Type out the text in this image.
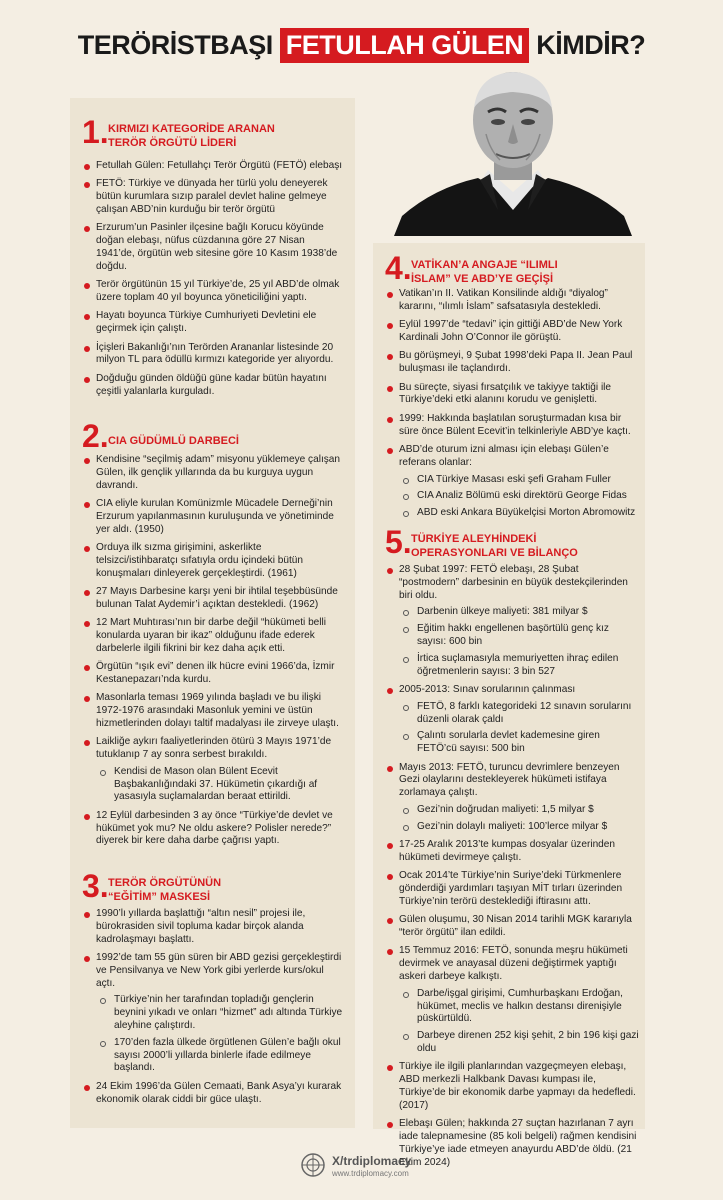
TERÖRİSTBAŞI FETULLAH GÜLEN KİMDİR?
1. KIRMIZI KATEGORİDE ARANAN
TERÖR ÖRGÜTÜ LİDERİ
Fetullah Gülen: Fetullahçı Terör Örgütü (FETÖ) elebaşı
FETÖ: Türkiye ve dünyada her türlü yolu deneyerek bütün kurumlara sızıp paralel devlet haline gelmeye çalışan ABD’nin kurduğu bir terör örgütü
Erzurum’un Pasinler ilçesine bağlı Korucu köyünde doğan elebaşı, nüfus cüzdanına göre 27 Nisan 1941’de, örgütün web sitesine göre 10 Kasım 1938’de doğdu.
Terör örgütünün 15 yıl Türkiye’de, 25 yıl ABD’de olmak üzere toplam 40 yıl boyunca yöneticiliğini yaptı.
Hayatı boyunca Türkiye Cumhuriyeti Devletini ele geçirmek için çalıştı.
İçişleri Bakanlığı’nın Terörden Arananlar listesinde 20 milyon TL para ödüllü kırmızı kategoride yer alıyordu.
Doğduğu günden öldüğü güne kadar bütün hayatını çeşitli yalanlarla kurguladı.
2. CIA GÜDÜMLÜ DARBECİ
Kendisine “seçilmiş adam” misyonu yüklemeye çalışan Gülen, ilk gençlik yıllarında da bu kurguya uygun davrandı.
CIA eliyle kurulan Komünizmle Mücadele Derneği’nin Erzurum yapılanmasının kuruluşunda ve yönetiminde yer aldı. (1950)
Orduya ilk sızma girişimini, askerlikte telsizci/istihbaratçı sıfatıyla ordu içindeki bütün konuşmaları dinleyerek gerçekleştirdi. (1961)
27 Mayıs Darbesine karşı yeni bir ihtilal teşebbüsünde bulunan Talat Aydemir’i açıktan destekledi. (1962)
12 Mart Muhtırası’nın bir darbe değil “hükümeti belli konularda uyaran bir ikaz” olduğunu ifade ederek darbelerle ilgili fikrini bir kez daha açık etti.
Örgütün “ışık evi” denen ilk hücre evini 1966’da, İzmir Kestanepazarı’nda kurdu.
Masonlarla teması 1969 yılında başladı ve bu ilişki 1972-1976 arasındaki Masonluk yemini ve üstün hizmetlerinden dolayı taltif madalyası ile zirveye ulaştı.
Laikliğe aykırı faaliyetlerinden ötürü 3 Mayıs 1971’de tutuklanıp 7 ay sonra serbest bırakıldı.
Kendisi de Mason olan Bülent Ecevit Başbakanlığındaki 37. Hükümetin çıkardığı af yasasıyla suçlamalardan beraat ettirildi.
12 Eylül darbesinden 3 ay önce “Türkiye’de devlet ve hükümet yok mu? Ne oldu askere? Polisler nerede?” diyerek bir kere daha darbe çağrısı yaptı.
3. TERÖR ÖRGÜTÜNÜN
“EĞİTİM” MASKESİ
1990’lı yıllarda başlattığı “altın nesil” projesi ile, bürokrasiden sivil topluma kadar birçok alanda kadrolaşmayı başlattı.
1992’de tam 55 gün süren bir ABD gezisi gerçekleştirdi ve Pensilvanya ve New York gibi yerlerde kurs/okul açtı.
Türkiye’nin her tarafından topladığı gençlerin beynini yıkadı ve onları “hizmet” adı altında Türkiye aleyhine çalıştırdı.
170’den fazla ülkede örgütlenen Gülen’e bağlı okul sayısı 2000’li yıllarda binlerle ifade edilmeye başlandı.
24 Ekim 1996’da Gülen Cemaati, Bank Asya’yı kurarak ekonomik olarak ciddi bir güce ulaştı.
4. VATİKAN’A ANGAJE “ILIMLI
İSLAM” VE ABD’YE GEÇİŞİ
Vatikan’ın II. Vatikan Konsilinde aldığı “diyalog” kararını, “ılımlı İslam” safsatasıyla destekledi.
Eylül 1997’de “tedavi” için gittiği ABD’de New York Kardinali John O’Connor ile görüştü.
Bu görüşmeyi, 9 Şubat 1998’deki Papa II. Jean Paul buluşması ile taçlandırdı.
Bu süreçte, siyasi fırsatçılık ve takiyye taktiği ile Türkiye’deki etki alanını korudu ve genişletti.
1999: Hakkında başlatılan soruşturmadan kısa bir süre önce Bülent Ecevit’in telkinleriyle ABD’ye kaçtı.
ABD’de oturum izni alması için elebaşı Gülen’e referans olanlar:
CIA Türkiye Masası eski şefi Graham Fuller
CIA Analiz Bölümü eski direktörü George Fidas
ABD eski Ankara Büyükelçisi Morton Abromowitz
5. TÜRKİYE ALEYHİNDEKİ
OPERASYONLARI VE BİLANÇO
28 Şubat 1997: FETÖ elebaşı, 28 Şubat “postmodern” darbesinin en büyük destekçilerinden biri oldu.
Darbenin ülkeye maliyeti: 381 milyar $
Eğitim hakkı engellenen başörtülü genç kız sayısı: 600 bin
İrtica suçlamasıyla memuriyetten ihraç edilen öğretmenlerin sayısı: 3 bin 527
2005-2013: Sınav sorularının çalınması
FETÖ, 8 farklı kategorideki 12 sınavın sorularını düzenli olarak çaldı
Çalıntı sorularla devlet kademesine giren FETÖ’cü sayısı: 500 bin
Mayıs 2013: FETÖ, turuncu devrimlere benzeyen Gezi olaylarını destekleyerek hükümeti istifaya zorlamaya çalıştı.
Gezi’nin doğrudan maliyeti: 1,5 milyar $
Gezi’nin dolaylı maliyeti: 100’lerce milyar $
17-25 Aralık 2013’te kumpas dosyalar üzerinden hükümeti devirmeye çalıştı.
Ocak 2014’te Türkiye’nin Suriye’deki Türkmenlere gönderdiği yardımları taşıyan MİT tırları üzerinden Türkiye’nin terörü desteklediği iftirasını attı.
Gülen oluşumu, 30 Nisan 2014 tarihli MGK kararıyla “terör örgütü” ilan edildi.
15 Temmuz 2016: FETÖ, sonunda meşru hükümeti devirmek ve anayasal düzeni değiştirmek yaptığı askeri darbeye kalkıştı.
Darbe/işgal girişimi, Cumhurbaşkanı Erdoğan, hükümet, meclis ve halkın destansı direnişiyle püskürtüldü.
Darbeye direnen 252 kişi şehit, 2 bin 196 kişi gazi oldu
Türkiye ile ilgili planlarından vazgeçmeyen elebaşı, ABD merkezli Halkbank Davası kumpası ile, Türkiye’de bir ekonomik darbe yapmayı da hedefledi. (2017)
Elebaşı Gülen; hakkında 27 suçtan hazırlanan 7 ayrı iade talepnamesine (85 koli belgeli) rağmen kendisini Türkiye’ye iade etmeyen anayurdu ABD’de öldü. (21 Ekim 2024)
X/trdiplomacy
www.trdiplomacy.com
